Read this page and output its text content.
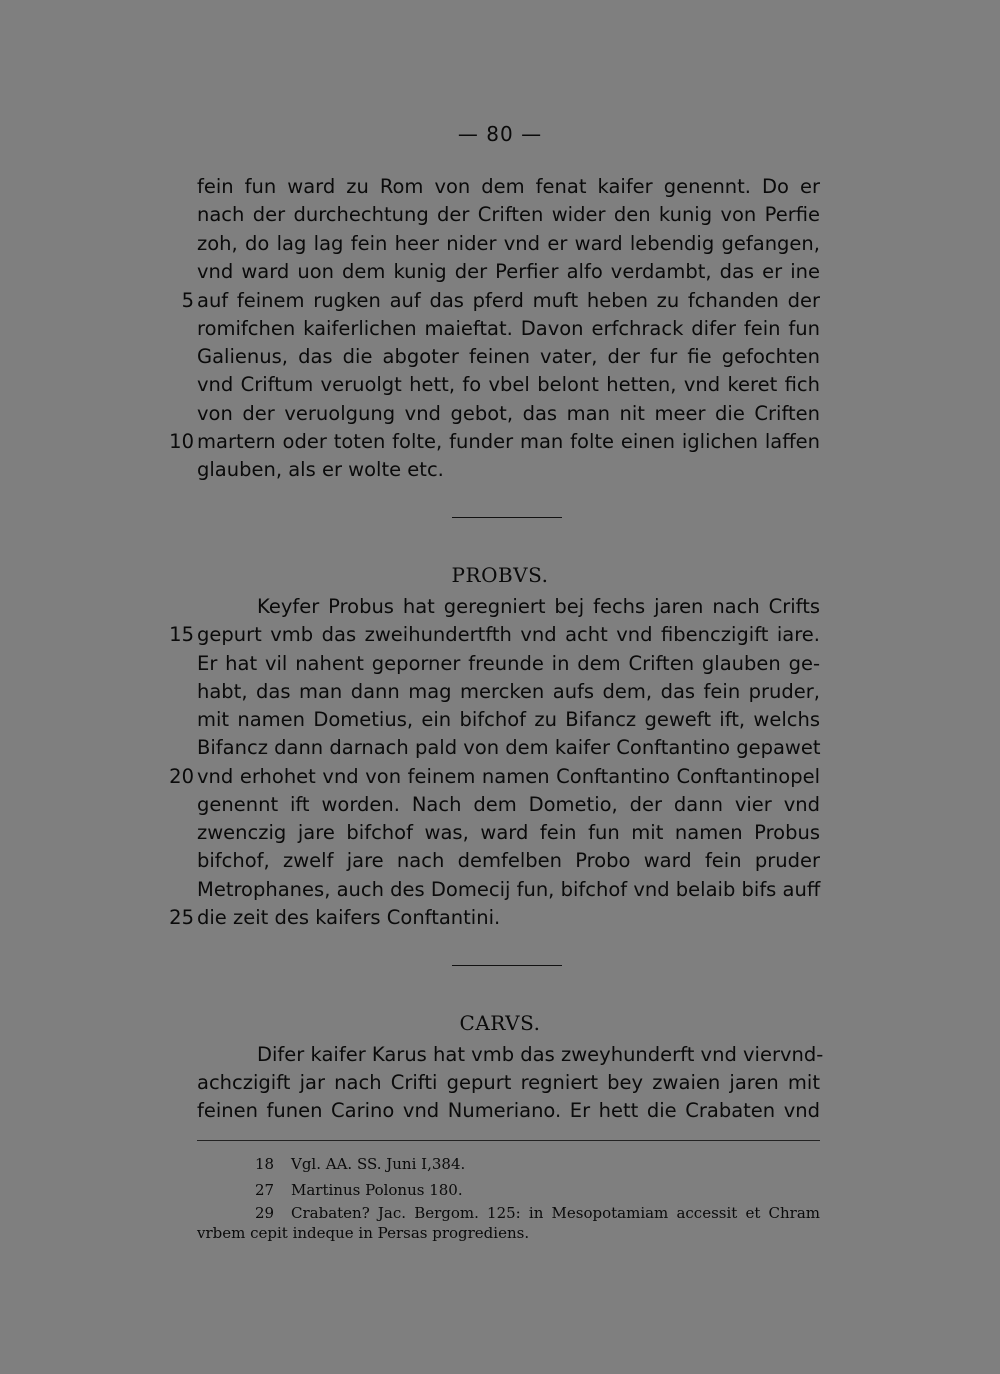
— 80 —
fein fun ward zu Rom von dem fenat kaifer genennt. Do er
nach der durchechtung der Criften wider den kunig von Perfie
zoh, do lag lag fein heer nider vnd er ward lebendig gefangen,
vnd ward uon dem kunig der Perfier alfo verdambt, das er ine
5 auf feinem rugken auf das pferd muft heben zu fchanden der
romifchen kaiferlichen maieftat. Davon erfchrack difer fein fun
Galienus, das die abgoter feinen vater, der fur fie gefochten
vnd Criftum veruolgt hett, fo vbel belont hetten, vnd keret fich
von der veruolgung vnd gebot, das man nit meer die Criften
10 martern oder toten folte, funder man folte einen iglichen laffen
glauben, als er wolte etc.
PROBVS.
Keyfer Probus hat geregniert bej fechs jaren nach Crifts
15 gepurt vmb das zweihundertfth vnd acht vnd fibenczigift iare.
Er hat vil nahent geporner freunde in dem Criften glauben ge-
habt, das man dann mag mercken aufs dem, das fein pruder,
mit namen Dometius, ein bifchof zu Bifancz geweft ift, welchs
Bifancz dann darnach pald von dem kaifer Conftantino gepawet
20 vnd erhohet vnd von feinem namen Conftantino Conftantinopel
genennt ift worden. Nach dem Dometio, der dann vier vnd
zwenczig jare bifchof was, ward fein fun mit namen Probus
bifchof, zwelf jare nach demfelben Probo ward fein pruder
Metrophanes, auch des Domecij fun, bifchof vnd belaib bifs auff
25 die zeit des kaifers Conftantini.
CARVS.
Difer kaifer Karus hat vmb das zweyhunderft vnd viervnd-
achczigift jar nach Crifti gepurt regniert bey zwaien jaren mit
feinen funen Carino vnd Numeriano. Er hett die Crabaten vnd
18 Vgl. AA. SS. Juni I,384.
27 Martinus Polonus 180.
29 Crabaten? Jac. Bergom. 125: in Mesopotamiam accessit et Chram
vrbem cepit indeque in Persas progrediens.
